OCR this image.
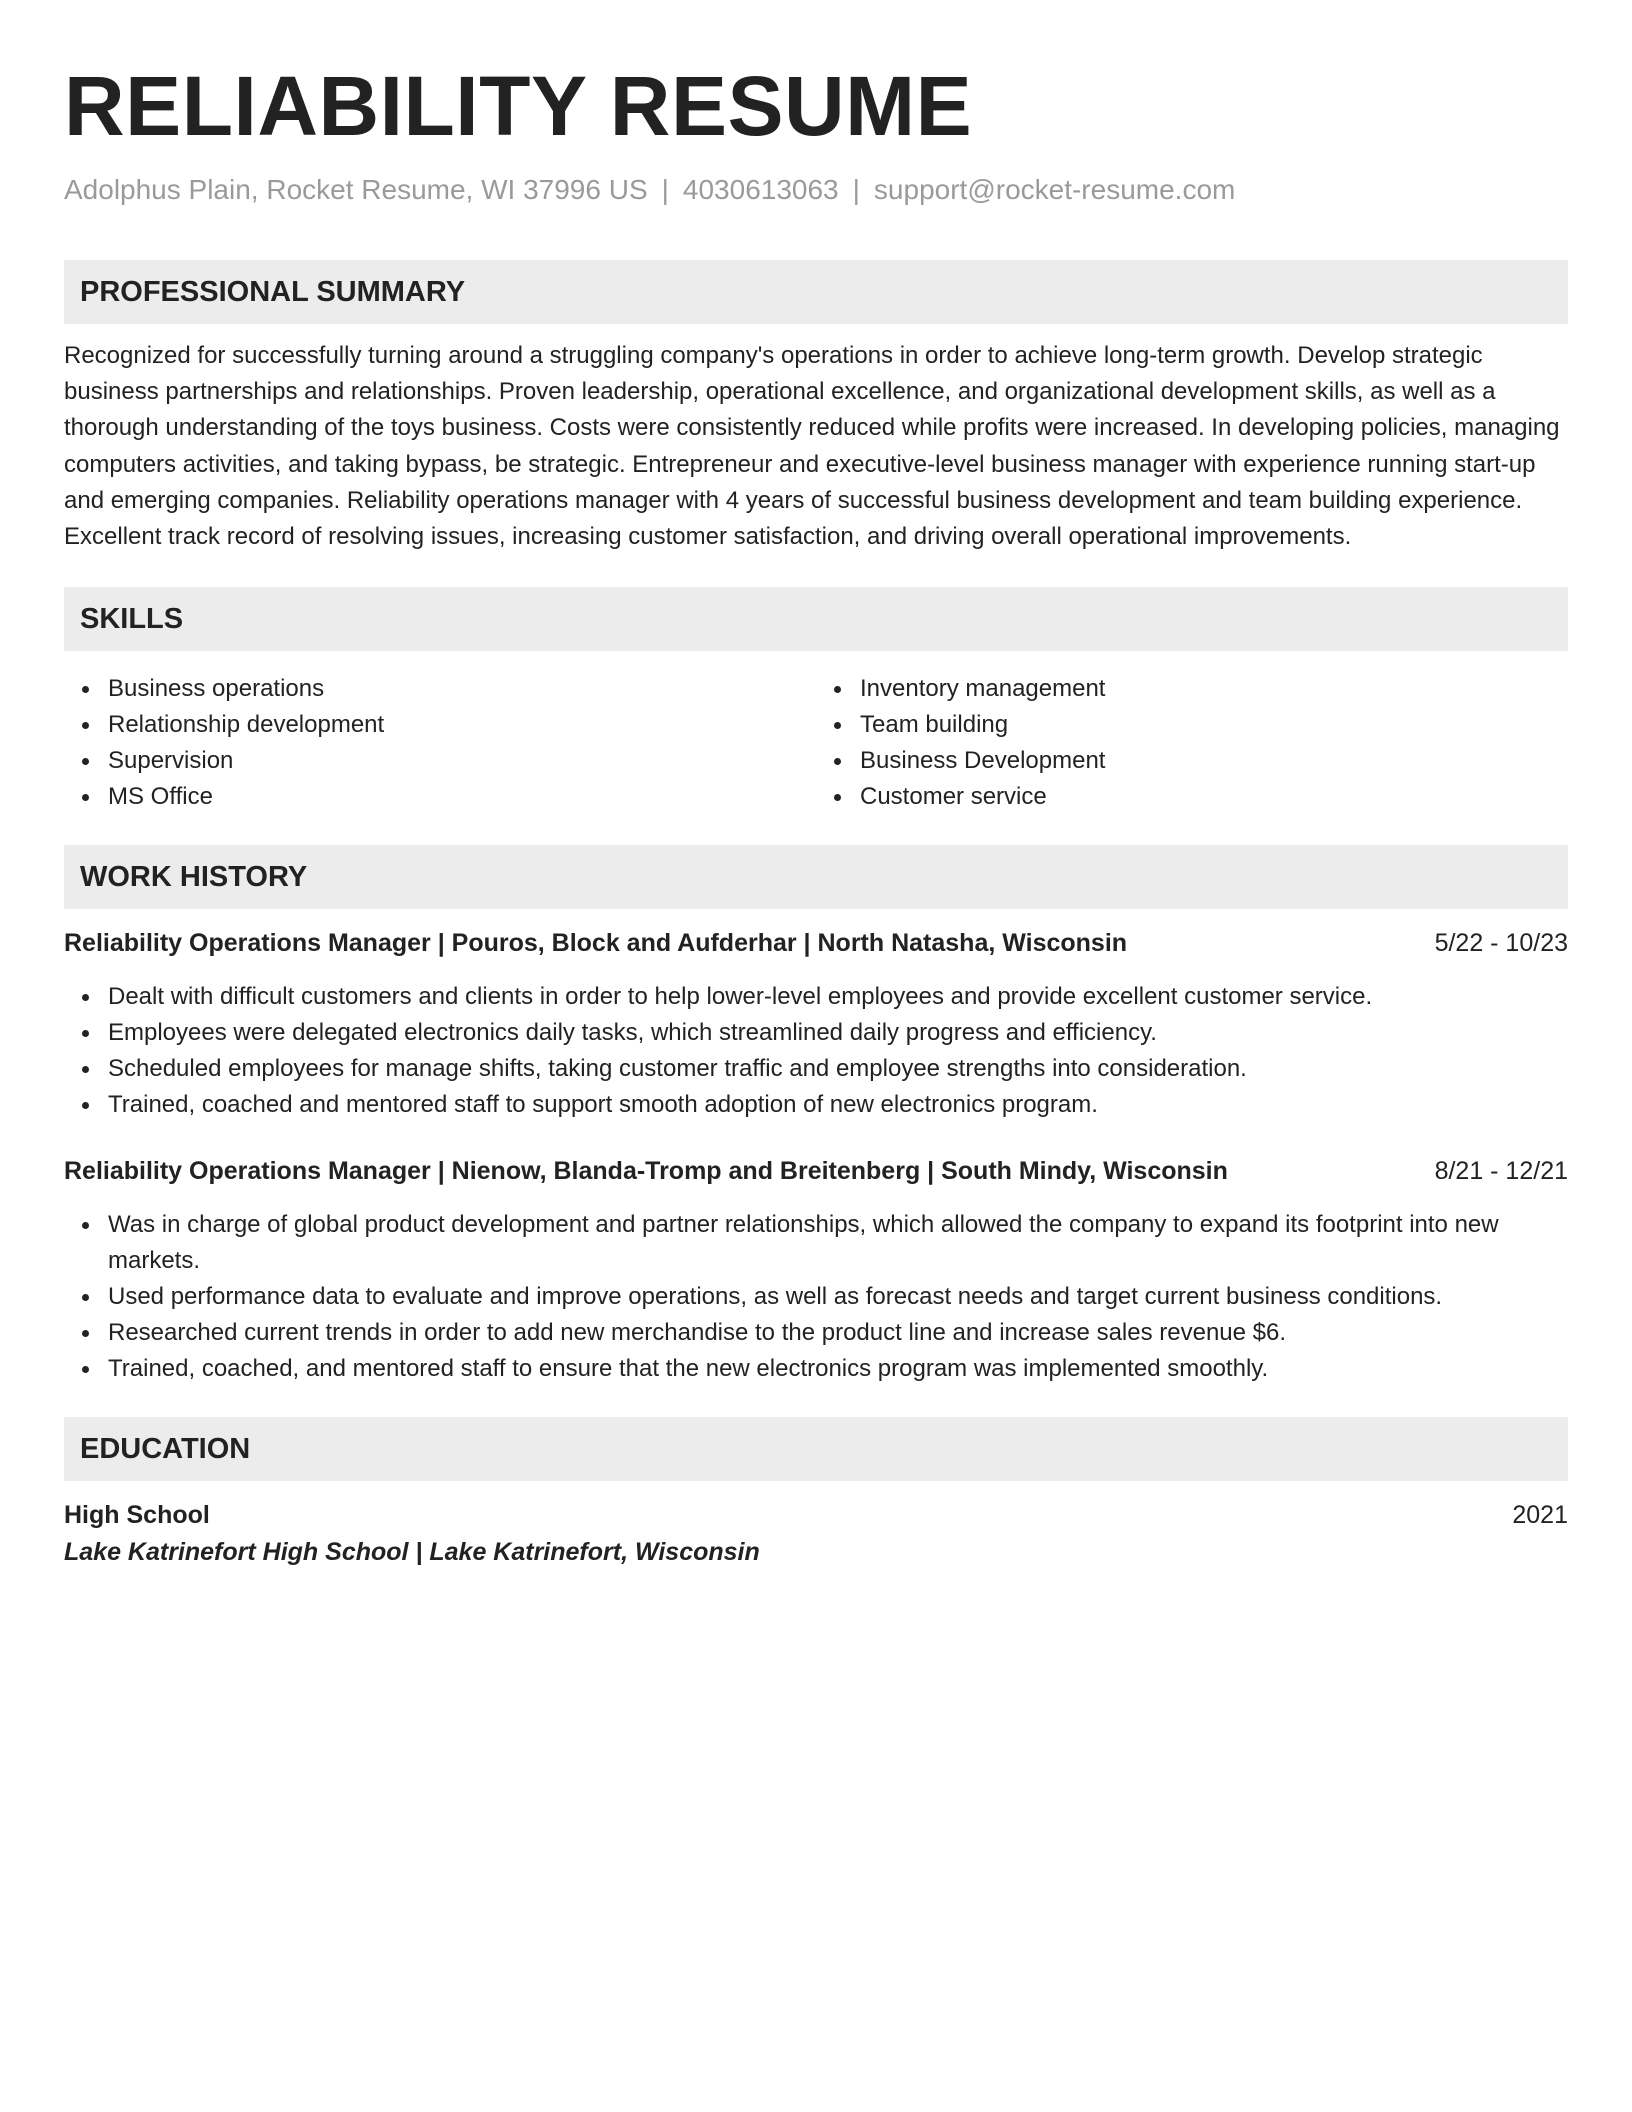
RELIABILITY RESUME
Adolphus Plain, Rocket Resume, WI 37996 US | 4030613063 | support@rocket-resume.com
PROFESSIONAL SUMMARY

Recognized for successfully turning around a struggling company's operations in order to achieve long-term growth. Develop strategic business partnerships and relationships. Proven leadership, operational excellence, and organizational development skills, as well as a thorough understanding of the toys business. Costs were consistently reduced while profits were increased. In developing policies, managing computers activities, and taking bypass, be strategic. Entrepreneur and executive-level business manager with experience running start-up and emerging companies. Reliability operations manager with 4 years of successful business development and team building experience. Excellent track record of resolving issues, increasing customer satisfaction, and driving overall operational improvements.

SKILLS
Business operations
Relationship development
Supervision
MS Office
Inventory management
Team building
Business Development
Customer service
WORK HISTORY
Reliability Operations Manager | Pouros, Block and Aufderhar | North Natasha, Wisconsin	5/22 - 10/23
Dealt with difficult customers and clients in order to help lower-level employees and provide excellent customer service.
Employees were delegated electronics daily tasks, which streamlined daily progress and efficiency.
Scheduled employees for manage shifts, taking customer traffic and employee strengths into consideration.
Trained, coached and mentored staff to support smooth adoption of new electronics program.
Reliability Operations Manager | Nienow, Blanda-Tromp and Breitenberg | South Mindy, Wisconsin	8/21 - 12/21
Was in charge of global product development and partner relationships, which allowed the company to expand its footprint into new markets.
Used performance data to evaluate and improve operations, as well as forecast needs and target current business conditions.
Researched current trends in order to add new merchandise to the product line and increase sales revenue $6.
Trained, coached, and mentored staff to ensure that the new electronics program was implemented smoothly.
EDUCATION
High School	2021
Lake Katrinefort High School | Lake Katrinefort, Wisconsin
